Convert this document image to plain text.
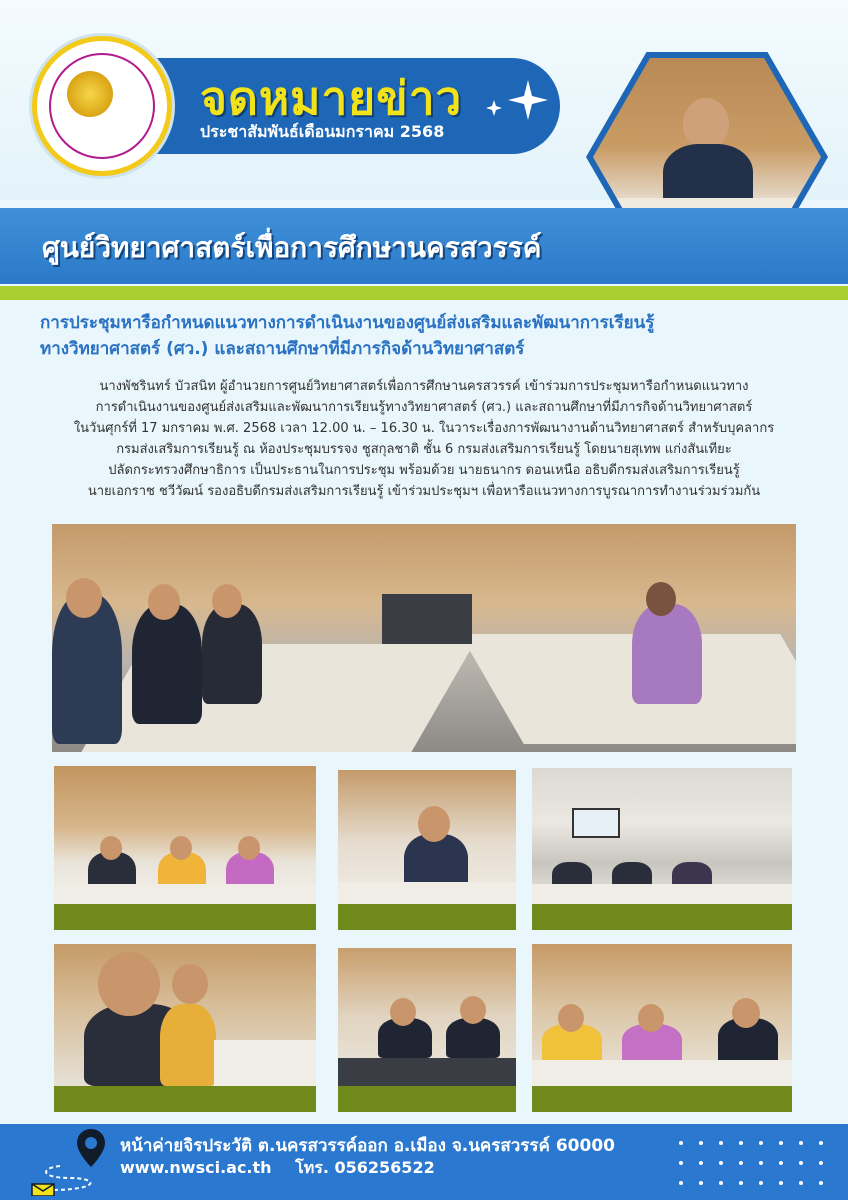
จดหมายข่าว
ประชาสัมพันธ์เดือนมกราคม 2568
ศูนย์วิทยาศาสตร์เพื่อการศึกษานครสวรรค์
การประชุมหารือกำหนดแนวทางการดำเนินงานของศูนย์ส่งเสริมและพัฒนาการเรียนรู้
ทางวิทยาศาสตร์ (ศว.) และสถานศึกษาที่มีภารกิจด้านวิทยาศาสตร์
นางพัชรินทร์ บัวสนิท ผู้อำนวยการศูนย์วิทยาศาสตร์เพื่อการศึกษานครสวรรค์ เข้าร่วมการประชุมหารือกำหนดแนวทาง
การดำเนินงานของศูนย์ส่งเสริมและพัฒนาการเรียนรู้ทางวิทยาศาสตร์ (ศว.) และสถานศึกษาที่มีภารกิจด้านวิทยาศาสตร์
ในวันศุกร์ที่ 17 มกราคม พ.ศ. 2568 เวลา 12.00 น. – 16.30 น. ในวาระเรื่องการพัฒนางานด้านวิทยาศาสตร์ สำหรับบุคลากร
กรมส่งเสริมการเรียนรู้ ณ ห้องประชุมบรรจง ชูสกุลชาติ ชั้น 6 กรมส่งเสริมการเรียนรู้ โดยนายสุเทพ แก่งสันเทียะ
ปลัดกระทรวงศึกษาธิการ เป็นประธานในการประชุม พร้อมด้วย นายธนากร ดอนเหนือ อธิบดีกรมส่งเสริมการเรียนรู้
นายเอกราช ชวีวัฒน์ รองอธิบดีกรมส่งเสริมการเรียนรู้ เข้าร่วมประชุมฯ เพื่อหารือแนวทางการบูรณาการทำงานร่วมร่วมกัน
หน้าค่ายจิรประวัติ ต.นครสวรรค์ออก อ.เมือง จ.นครสวรรค์ 60000
www.nwsci.ac.th โทร. 056256522
